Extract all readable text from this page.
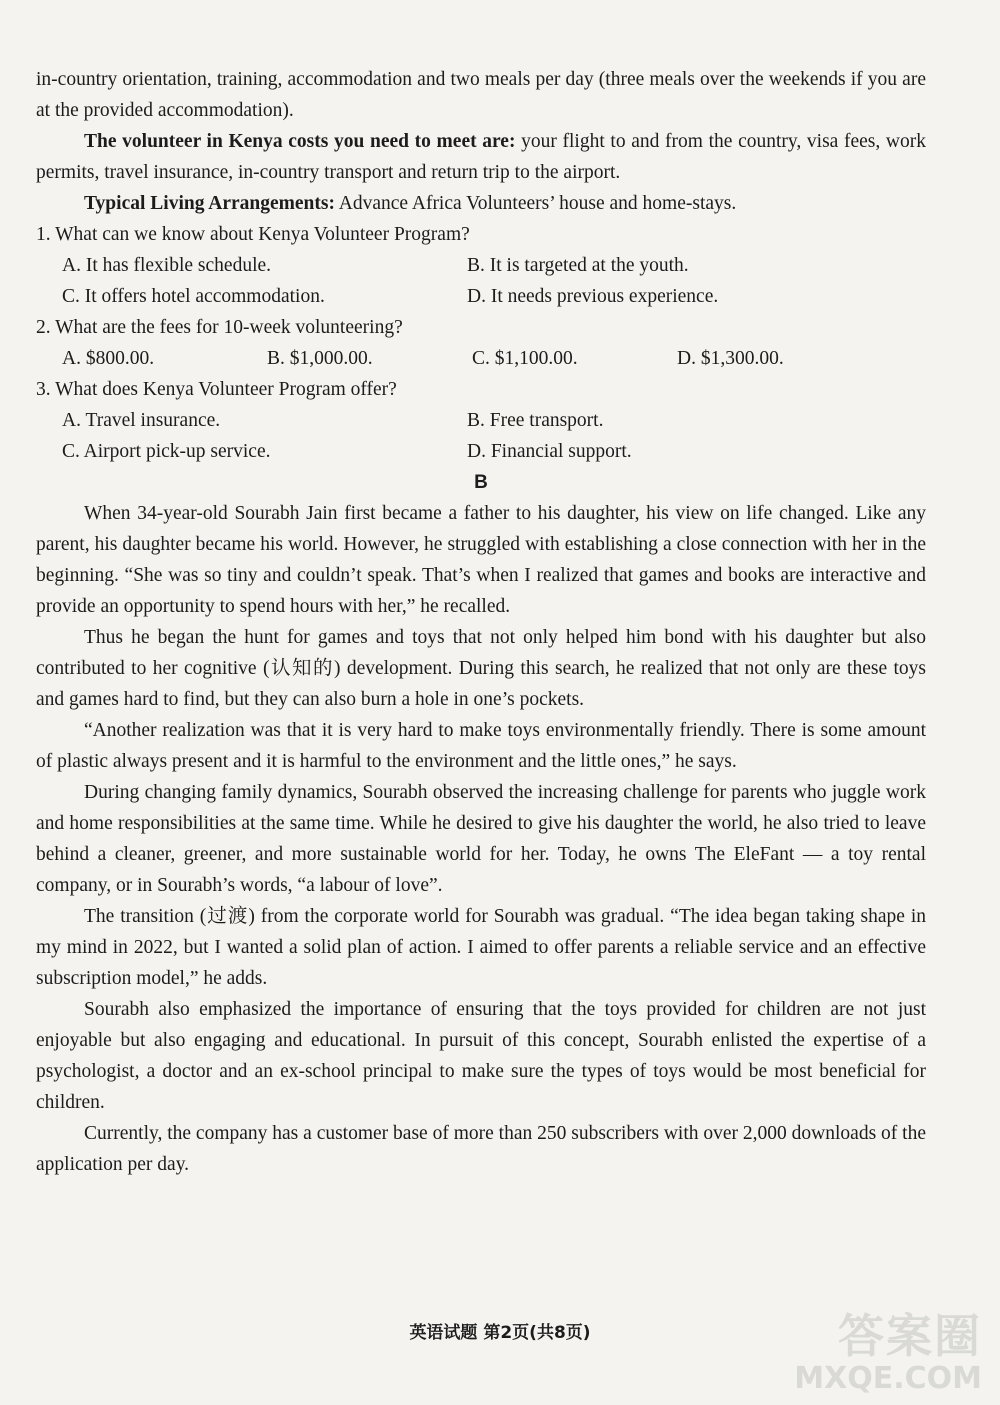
in-country orientation, training, accommodation and two meals per day (three meals over the weekends if you are at the provided accommodation).

The volunteer in Kenya costs you need to meet are: your flight to and from the country, visa fees, work permits, travel insurance, in-country transport and return trip to the airport.

Typical Living Arrangements: Advance Africa Volunteers’ house and home-stays.

1. What can we know about Kenya Volunteer Program?

A. It has flexible schedule.	B. It is targeted at the youth.
C. It offers hotel accommodation.	D. It needs previous experience.

2. What are the fees for 10-week volunteering?

A. $800.00.	B. $1,000.00.	C. $1,100.00.	D. $1,300.00.

3. What does Kenya Volunteer Program offer?

A. Travel insurance.	B. Free transport.
C. Airport pick-up service.	D. Financial support.

B

When 34-year-old Sourabh Jain first became a father to his daughter, his view on life changed. Like any parent, his daughter became his world. However, he struggled with establishing a close connection with her in the beginning. “She was so tiny and couldn’t speak. That’s when I realized that games and books are interactive and provide an opportunity to spend hours with her,” he recalled.

Thus he began the hunt for games and toys that not only helped him bond with his daughter but also contributed to her cognitive (认知的) development. During this search, he realized that not only are these toys and games hard to find, but they can also burn a hole in one’s pockets.

“Another realization was that it is very hard to make toys environmentally friendly. There is some amount of plastic always present and it is harmful to the environment and the little ones,” he says.

During changing family dynamics, Sourabh observed the increasing challenge for parents who juggle work and home responsibilities at the same time. While he desired to give his daughter the world, he also tried to leave behind a cleaner, greener, and more sustainable world for her. Today, he owns The EleFant — a toy rental company, or in Sourabh’s words, “a labour of love”.

The transition (过渡) from the corporate world for Sourabh was gradual. “The idea began taking shape in my mind in 2022, but I wanted a solid plan of action. I aimed to offer parents a reliable service and an effective subscription model,” he adds.

Sourabh also emphasized the importance of ensuring that the toys provided for children are not just enjoyable but also engaging and educational. In pursuit of this concept, Sourabh enlisted the expertise of a psychologist, a doctor and an ex-school principal to make sure the types of toys would be most beneficial for children.

Currently, the company has a customer base of more than 250 subscribers with over 2,000 downloads of the application per day.

英语试题 第2页(共8页)	答案圈
MXQE.COM
